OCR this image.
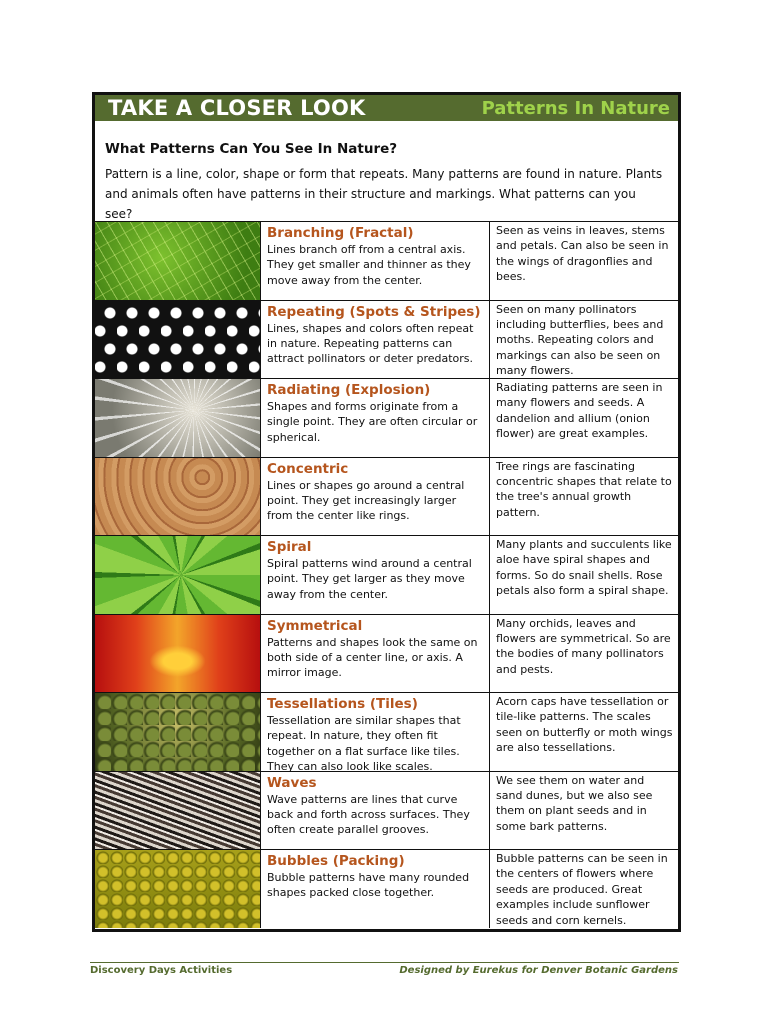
TAKE A CLOSER LOOK	Patterns In Nature
What Patterns Can You See In Nature?

Pattern is a line, color, shape or form that repeats. Many patterns are found in nature. Plants and animals often have patterns in their structure and markings. What patterns can you see?

Branching (Fractal)
Lines branch off from a central axis. They get smaller and thinner as they move away from the center.
Seen as veins in leaves, stems and petals. Can also be seen in the wings of dragonflies and bees.
Repeating (Spots & Stripes)
Lines, shapes and colors often repeat in nature. Repeating patterns can attract pollinators or deter predators.
Seen on many pollinators including butterflies, bees and moths. Repeating colors and markings can also be seen on many flowers.
Radiating (Explosion)
Shapes and forms originate from a single point. They are often circular or spherical.
Radiating patterns are seen in many flowers and seeds. A dandelion and allium (onion flower) are great examples.
Concentric
Lines or shapes go around a central point. They get increasingly larger from the center like rings.
Tree rings are fascinating concentric shapes that relate to the tree's annual growth pattern.
Spiral
Spiral patterns wind around a central point. They get larger as they move away from the center.
Many plants and succulents like aloe have spiral shapes and forms. So do snail shells. Rose petals also form a spiral shape.
Symmetrical
Patterns and shapes look the same on both side of a center line, or axis. A mirror image.
Many orchids, leaves and flowers are symmetrical. So are the bodies of many pollinators and pests.
Tessellations (Tiles)
Tessellation are similar shapes that repeat. In nature, they often fit together on a flat surface like tiles. They can also look like scales.
Acorn caps have tessellation or tile-like patterns. The scales seen on butterfly or moth wings are also tessellations.
Waves
Wave patterns are lines that curve back and forth across surfaces. They often create parallel grooves.
We see them on water and sand dunes, but we also see them on plant seeds and in some bark patterns.
Bubbles (Packing)
Bubble patterns have many rounded shapes packed close together.
Bubble patterns can be seen in the centers of flowers where seeds are produced. Great examples include sunflower seeds and corn kernels.
Discovery Days Activities	Designed by Eurekus for Denver Botanic Gardens
